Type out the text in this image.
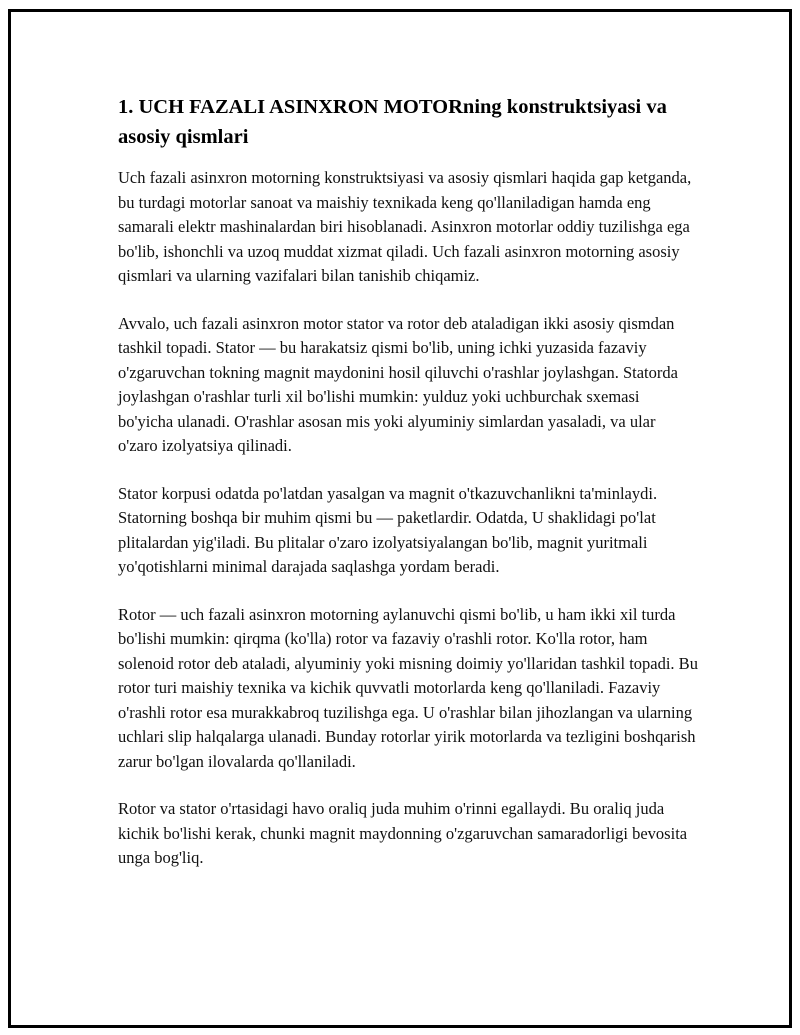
1. UCH FAZALI ASINXRON MOTORning konstruktsiyasi va asosiy qismlari

Uch fazali asinxron motorning konstruktsiyasi va asosiy qismlari haqida gap ketganda, bu turdagi motorlar sanoat va maishiy texnikada keng qo'llaniladigan hamda eng samarali elektr mashinalardan biri hisoblanadi. Asinxron motorlar oddiy tuzilishga ega bo'lib, ishonchli va uzoq muddat xizmat qiladi. Uch fazali asinxron motorning asosiy qismlari va ularning vazifalari bilan tanishib chiqamiz.

Avvalo, uch fazali asinxron motor stator va rotor deb ataladigan ikki asosiy qismdan tashkil topadi. Stator — bu harakatsiz qismi bo'lib, uning ichki yuzasida fazaviy o'zgaruvchan tokning magnit maydonini hosil qiluvchi o'rashlar joylashgan. Statorda joylashgan o'rashlar turli xil bo'lishi mumkin: yulduz yoki uchburchak sxemasi bo'yicha ulanadi. O'rashlar asosan mis yoki alyuminiy simlardan yasaladi, va ular o'zaro izolyatsiya qilinadi.

Stator korpusi odatda po'latdan yasalgan va magnit o'tkazuvchanlikni ta'minlaydi. Statorning boshqa bir muhim qismi bu — paketlardir. Odatda, U shaklidagi po'lat plitalardan yig'iladi. Bu plitalar o'zaro izolyatsiyalangan bo'lib, magnit yuritmali yo'qotishlarni minimal darajada saqlashga yordam beradi.

Rotor — uch fazali asinxron motorning aylanuvchi qismi bo'lib, u ham ikki xil turda bo'lishi mumkin: qirqma (ko'lla) rotor va fazaviy o'rashli rotor. Ko'lla rotor, ham solenoid rotor deb ataladi, alyuminiy yoki misning doimiy yo'llaridan tashkil topadi. Bu rotor turi maishiy texnika va kichik quvvatli motorlarda keng qo'llaniladi. Fazaviy o'rashli rotor esa murakkabroq tuzilishga ega. U o'rashlar bilan jihozlangan va ularning uchlari slip halqalarga ulanadi. Bunday rotorlar yirik motorlarda va tezligini boshqarish zarur bo'lgan ilovalarda qo'llaniladi.

Rotor va stator o'rtasidagi havo oraliq juda muhim o'rinni egallaydi. Bu oraliq juda kichik bo'lishi kerak, chunki magnit maydonning o'zgaruvchan samaradorligi bevosita unga bog'liq.
